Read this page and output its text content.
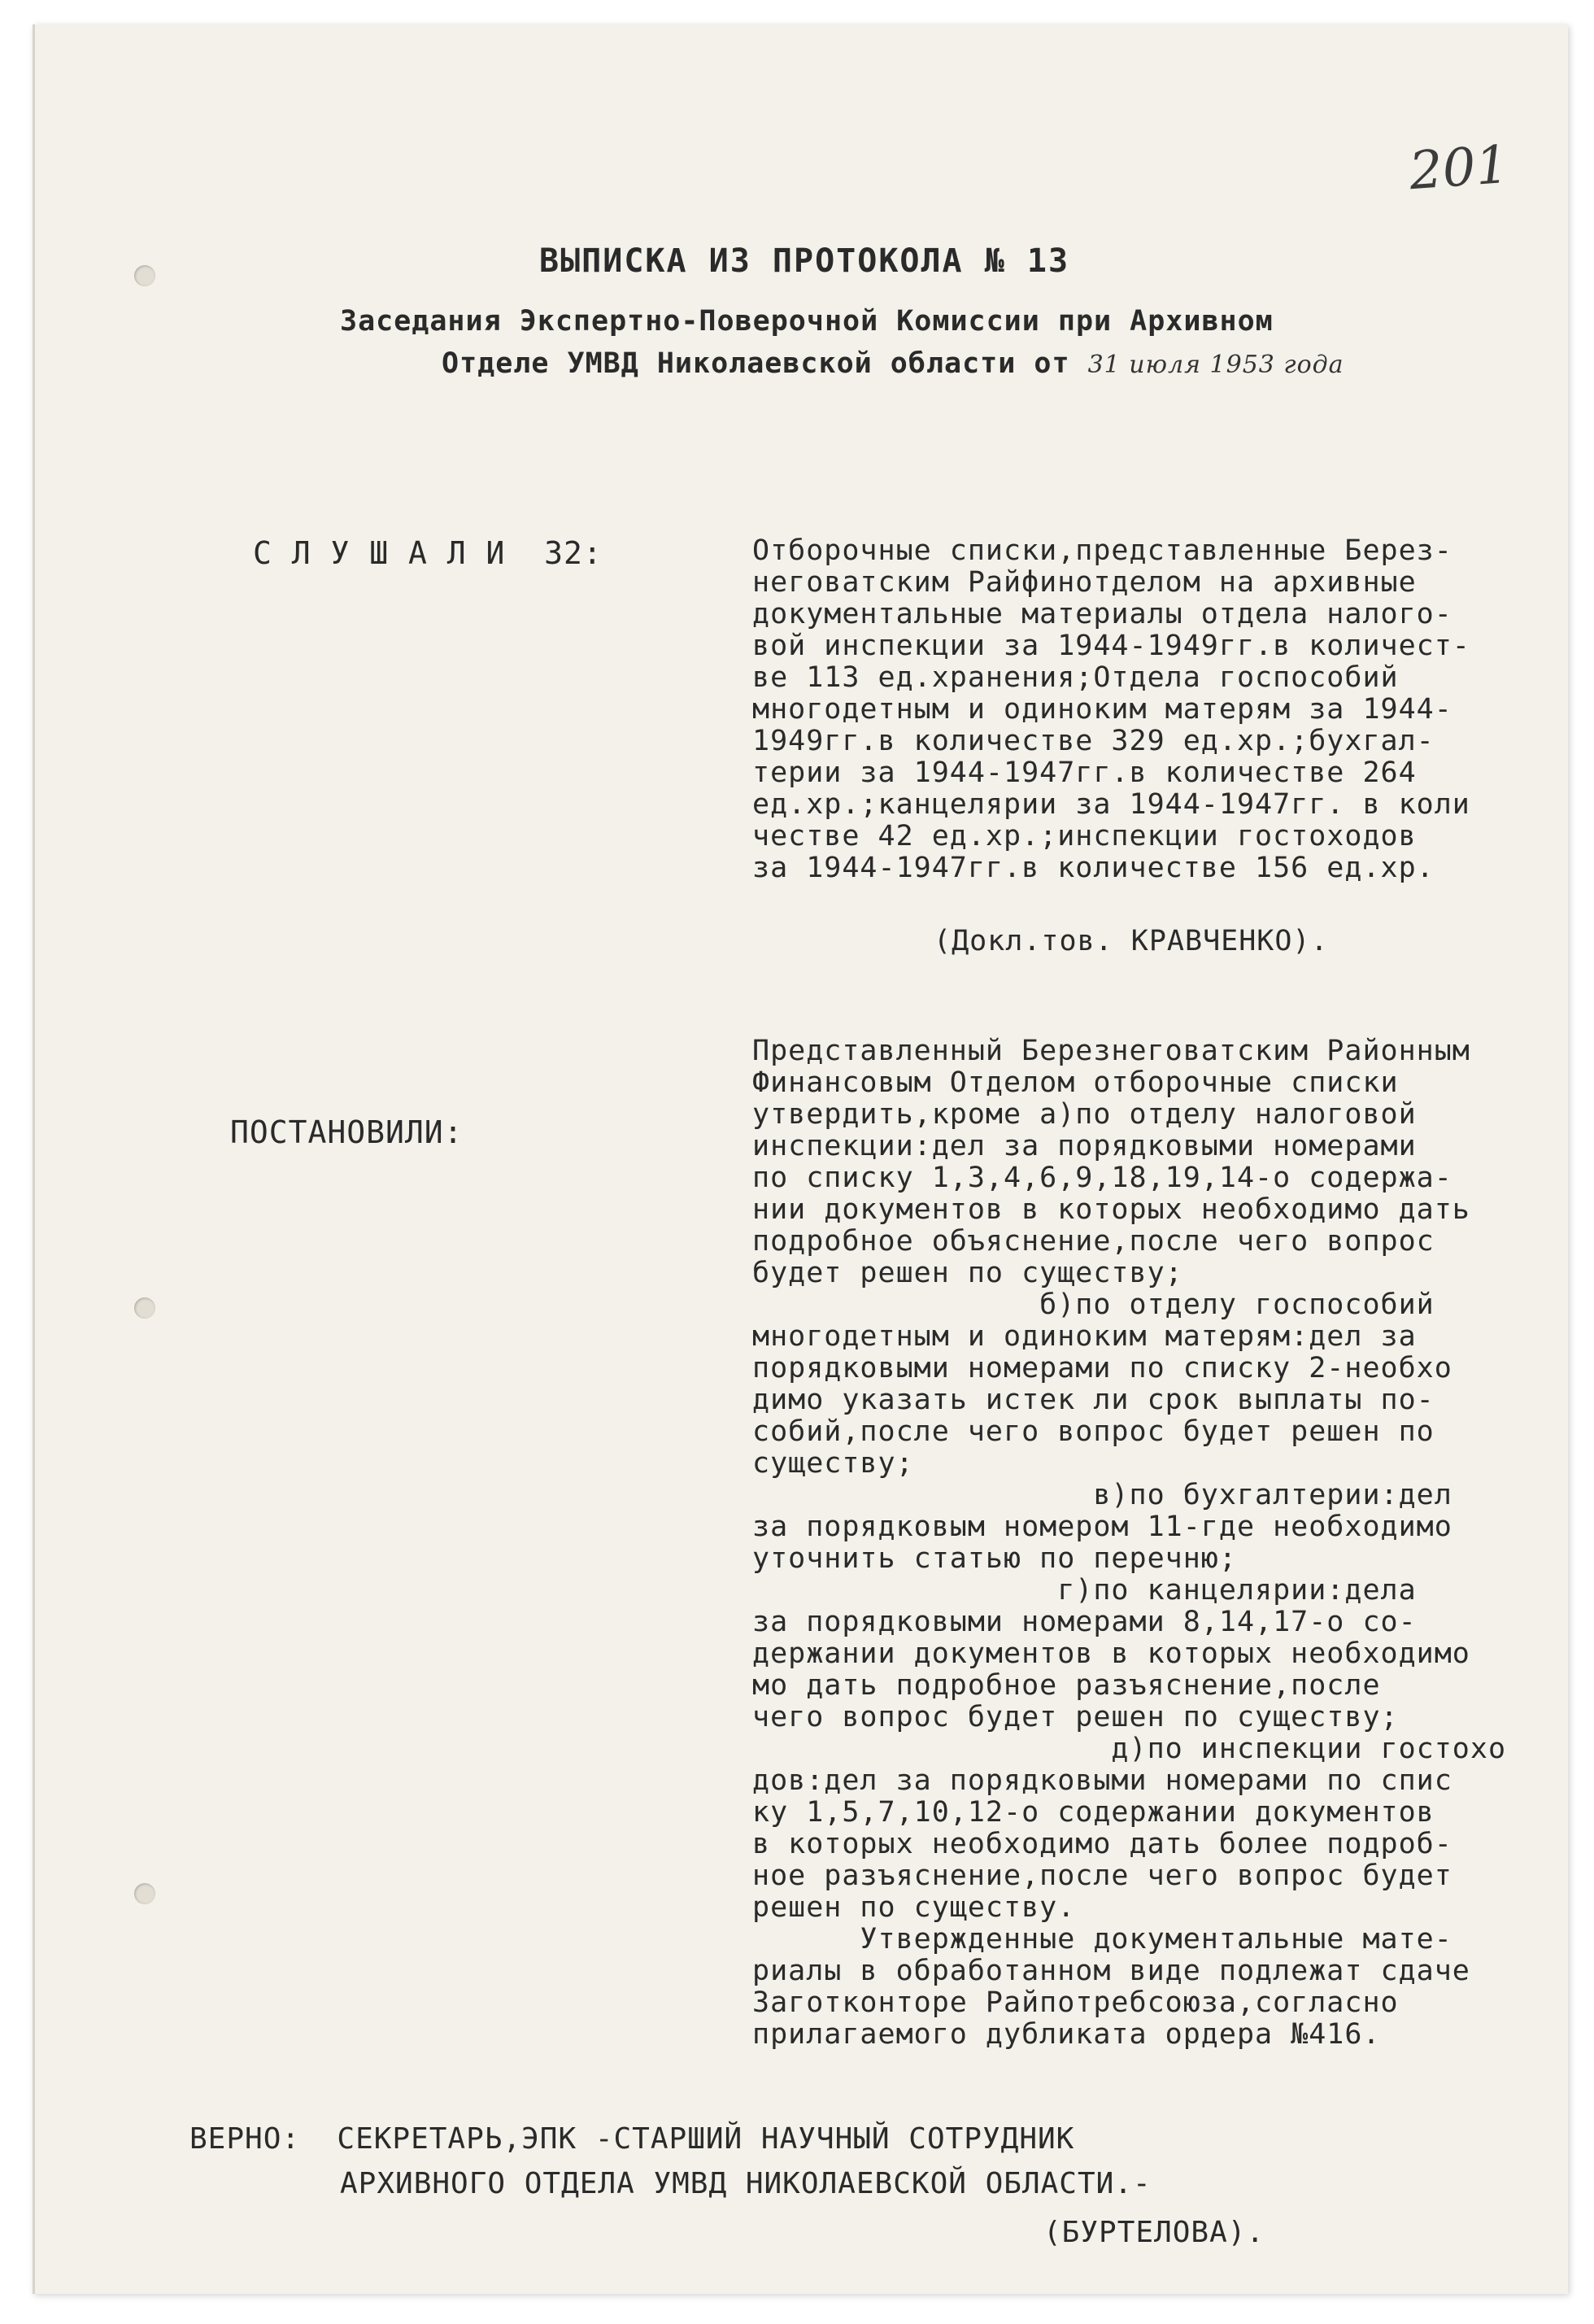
201
ВЫПИСКА ИЗ ПРОТОКОЛА № 13
Заседания Экспертно-Поверочной Комиссии при Архивном
Отделе УМВД Николаевской области от 31 июля 1953 года
С Л У Ш А Л И  32:	Отборочные списки,представленные Берез-
неговатским Райфинотделом на архивные
документальные материалы отдела налого-
вой инспекции за 1944-1949гг.в количест-
ве 113 ед.хранения;Отдела госпособий
многодетным и одиноким матерям за 1944-
1949гг.в количестве 329 ед.хр.;бухгал-
терии за 1944-1947гг.в количестве 264
ед.хр.;канцелярии за 1944-1947гг. в коли
честве 42 ед.хр.;инспекции гостоходов
за 1944-1947гг.в количестве 156 ед.хр.
(Докл.тов. КРАВЧЕНКО).
ПОСТАНОВИЛИ:
Представленный Березнеговатским Районным
Финансовым Отделом отборочные списки
утвердить,кроме а)по отделу налоговой
инспекции:дел за порядковыми номерами
по списку 1,3,4,6,9,18,19,14-о содержа-
нии документов в которых необходимо дать
подробное объяснение,после чего вопрос
будет решен по существу;
б)по отделу госпособий
многодетным и одиноким матерям:дел за
порядковыми номерами по списку 2-необхо
димо указать истек ли срок выплаты по-
собий,после чего вопрос будет решен по
существу;
в)по бухгалтерии:дел
за порядковым номером 11-где необходимо
уточнить статью по перечню;
г)по канцелярии:дела
за порядковыми номерами 8,14,17-о со-
держании документов в которых необходимо
мо дать подробное разъяснение,после
чего вопрос будет решен по существу;
д)по инспекции гостохо
дов:дел за порядковыми номерами по спис
ку 1,5,7,10,12-о содержании документов
в которых необходимо дать более подроб-
ное разъяснение,после чего вопрос будет
решен по существу.
Утвержденные документальные мате-
риалы в обработанном виде подлежат сдаче
Заготконторе Райпотребсоюза,согласно
прилагаемого дубликата ордера №416.
ВЕРНО:  СЕКРЕТАРЬ,ЭПК -СТАРШИЙ НАУЧНЫЙ СОТРУДНИК
АРХИВНОГО ОТДЕЛА УМВД НИКОЛАЕВСКОЙ ОБЛАСТИ.-
(БУРТЕЛОВА).
